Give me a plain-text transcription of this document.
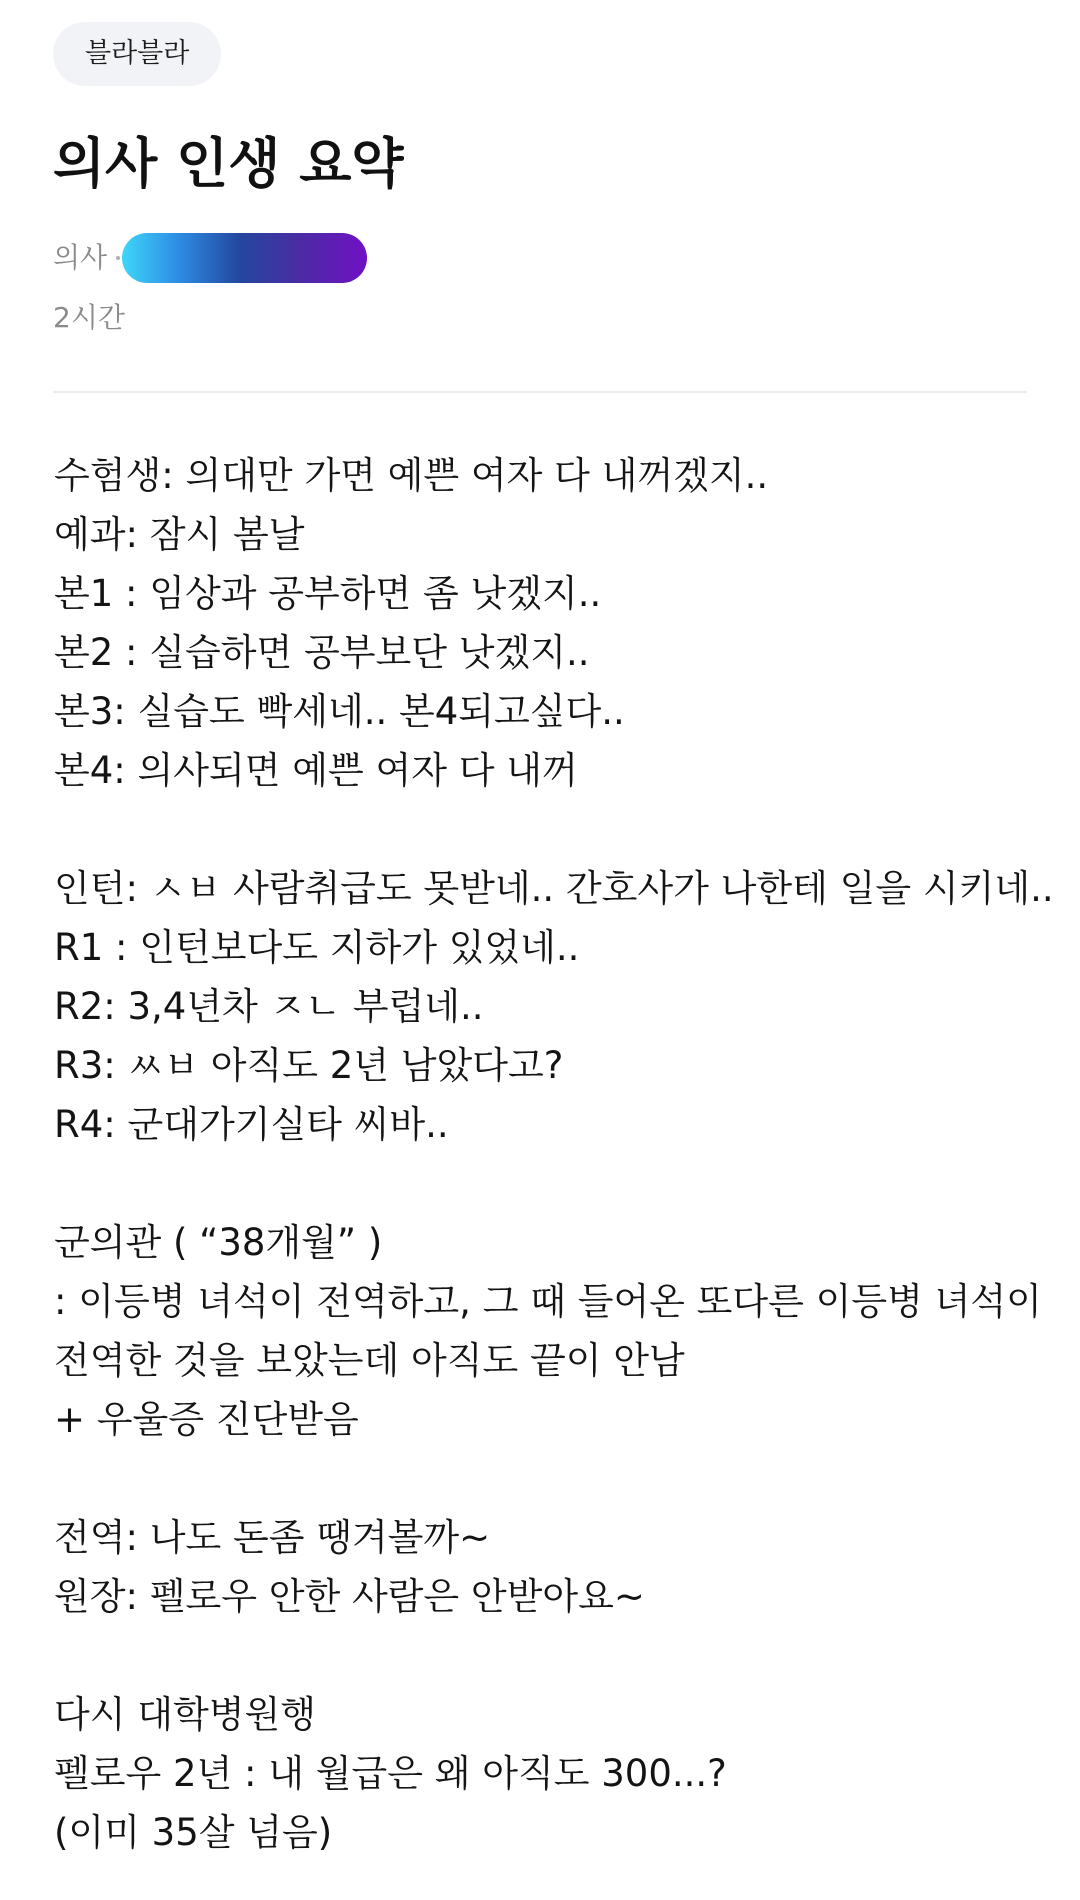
블라블라
의사 인생 요약
의사
2시간
수험생: 의대만 가면 예쁜 여자 다 내꺼겠지..
예과: 잠시 봄날
본1 : 임상과 공부하면 좀 낫겠지..
본2 : 실습하면 공부보단 낫겠지..
본3: 실습도 빡세네.. 본4되고싶다..
본4: 의사되면 예쁜 여자 다 내꺼
인턴: ㅅㅂ 사람취급도 못받네.. 간호사가 나한테 일을 시키네..
R1 : 인턴보다도 지하가 있었네..
R2: 3,4년차 ㅈㄴ 부럽네..
R3: ㅆㅂ 아직도 2년 남았다고?
R4: 군대가기실타 씨바..
군의관 ( “38개월” )
: 이등병 녀석이 전역하고, 그 때 들어온 또다른 이등병 녀석이
전역한 것을 보았는데 아직도 끝이 안남
+ 우울증 진단받음
전역: 나도 돈좀 땡겨볼까~
원장: 펠로우 안한 사람은 안받아요~
다시 대학병원행
펠로우 2년 : 내 월급은 왜 아직도 300...?
(이미 35살 넘음)
